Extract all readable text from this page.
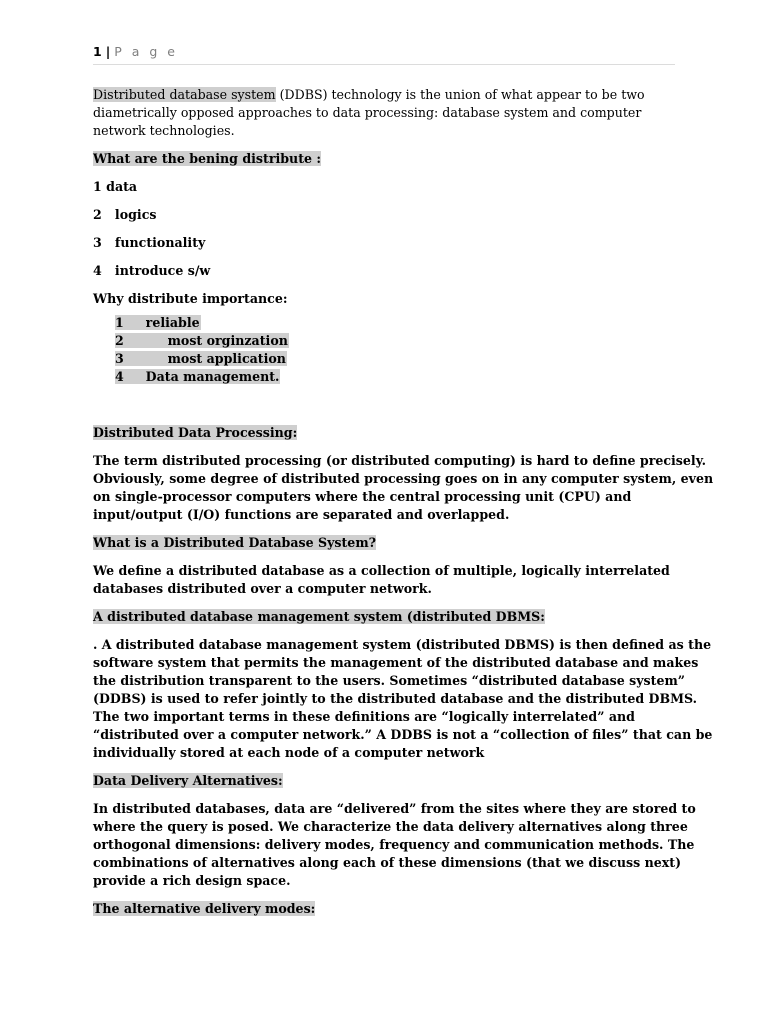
1 | P a g e

Distributed database system (DDBS) technology is the union of what appear to be two

diametrically opposed approaches to data processing: database system and computer

network technologies.

What are the bening distribute :

1 data

2   logics

3   functionality

4   introduce s/w

Why distribute importance:

1     reliable
2          most orginzation
3          most application
4     Data management.

Distributed Data Processing:

The term distributed processing (or distributed computing) is hard to define precisely.

Obviously, some degree of distributed processing goes on in any computer system, even

on single-processor computers where the central processing unit (CPU) and

input/output (I/O) functions are separated and overlapped.

What is a Distributed Database System?

We define a distributed database as a collection of multiple, logically interrelated

databases distributed over a computer network.

A distributed database management system (distributed DBMS:

. A distributed database management system (distributed DBMS) is then defined as the

software system that permits the management of the distributed database and makes

the distribution transparent to the users. Sometimes “distributed database system”

(DDBS) is used to refer jointly to the distributed database and the distributed DBMS.

The two important terms in these definitions are “logically interrelated” and

“distributed over a computer network.” A DDBS is not a “collection of files” that can be

individually stored at each node of a computer network

Data Delivery Alternatives:

In distributed databases, data are “delivered” from the sites where they are stored to

where the query is posed. We characterize the data delivery alternatives along three

orthogonal dimensions: delivery modes, frequency and communication methods. The

combinations of alternatives along each of these dimensions (that we discuss next)

provide a rich design space.

The alternative delivery modes:
